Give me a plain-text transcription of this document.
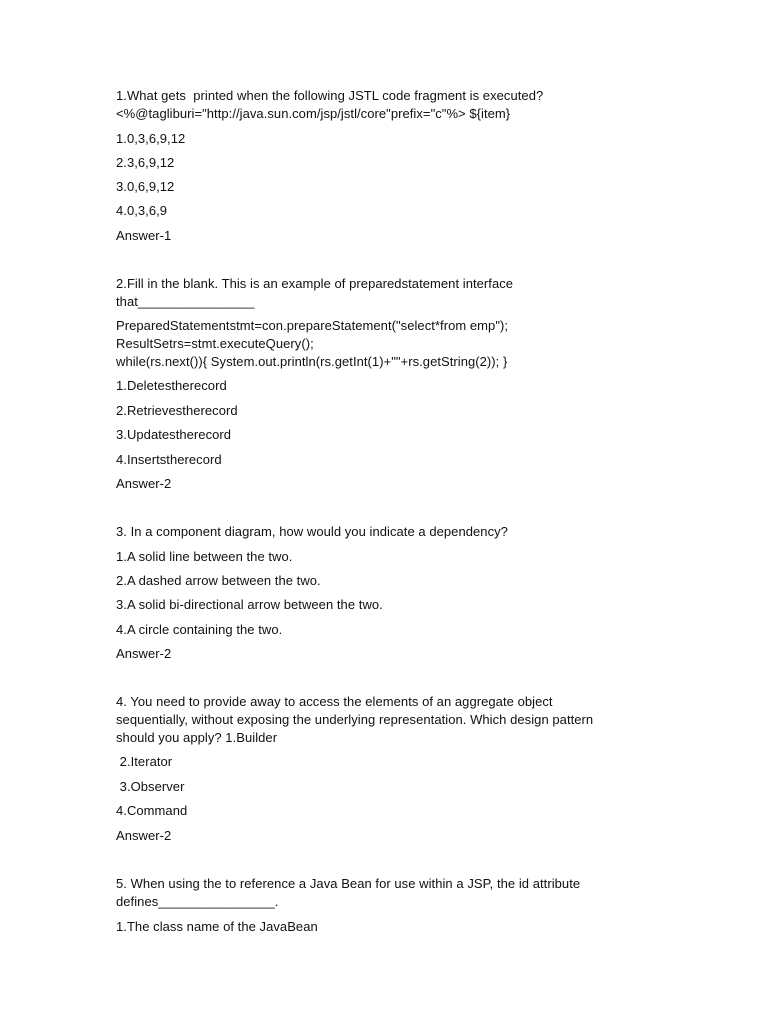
1.What gets  printed when the following JSTL code fragment is executed?
<%@tagliburi="http://java.sun.com/jsp/jstl/core"prefix="c"%> ${item}
1.0,3,6,9,12
2.3,6,9,12
3.0,6,9,12
4.0,3,6,9
Answer-1
2.Fill in the blank. This is an example of preparedstatement interface
that________________
PreparedStatementstmt=con.prepareStatement("select*from emp");
ResultSetrs=stmt.executeQuery();
while(rs.next()){ System.out.println(rs.getInt(1)+""+rs.getString(2)); }
1.Deletestherecord
2.Retrievestherecord
3.Updatestherecord
4.Insertstherecord
Answer-2
3. In a component diagram, how would you indicate a dependency?
1.A solid line between the two.
2.A dashed arrow between the two.
3.A solid bi-directional arrow between the two.
4.A circle containing the two.
Answer-2
4. You need to provide away to access the elements of an aggregate object
sequentially, without exposing the underlying representation. Which design pattern
should you apply? 1.Builder
2.Iterator
3.Observer
4.Command
Answer-2
5. When using the to reference a Java Bean for use within a JSP, the id attribute
defines________________.
1.The class name of the JavaBean
